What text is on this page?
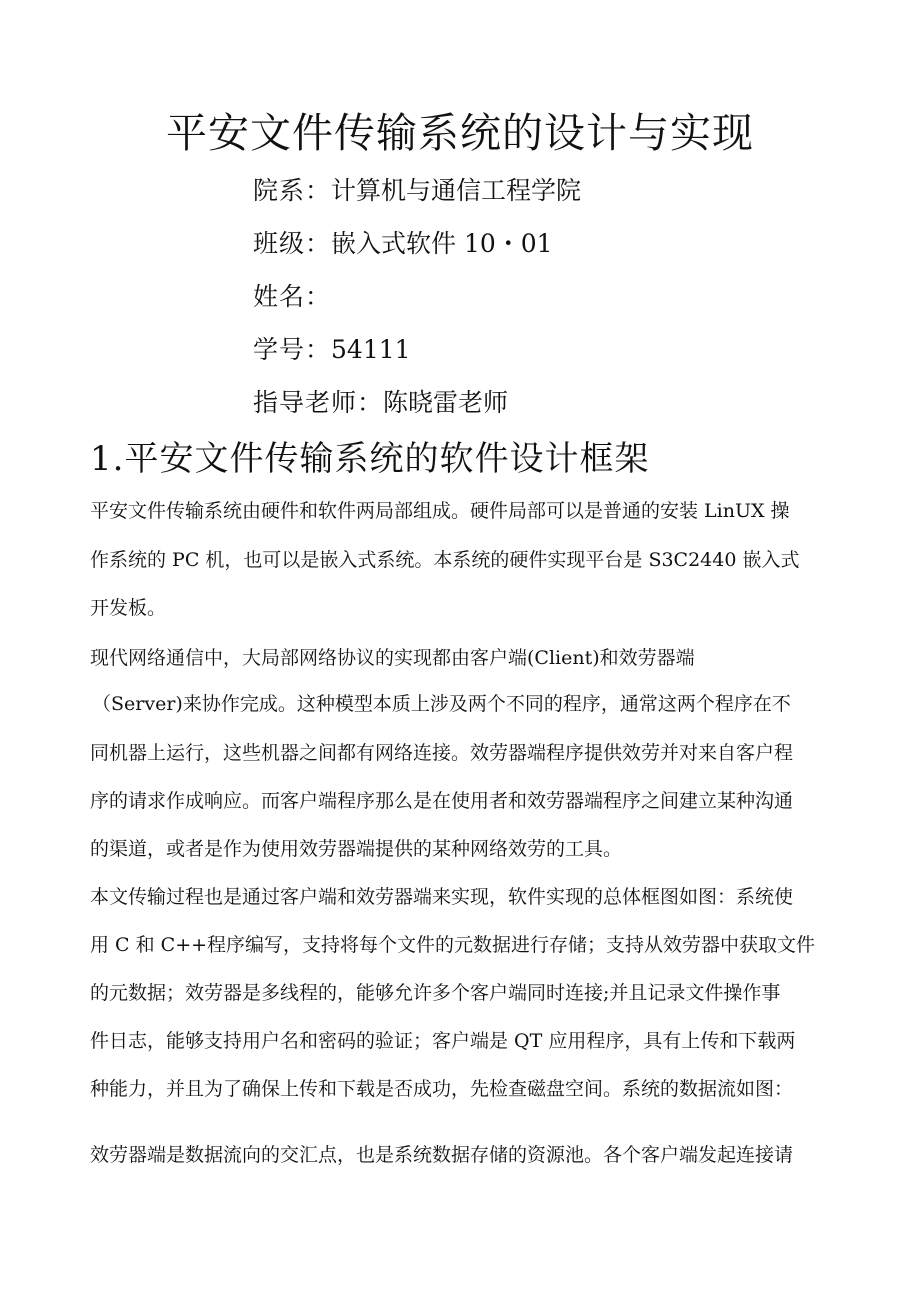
平安文件传输系统的设计与实现

院系：计算机与通信工程学院

班级：嵌入式软件 10・01

姓名：

学号：54111

指导老师：陈晓雷老师

1.平安文件传输系统的软件设计框架

平安文件传输系统由硬件和软件两局部组成。硬件局部可以是普通的安装 LinUX 操

作系统的 PC 机，也可以是嵌入式系统。本系统的硬件实现平台是 S3C2440 嵌入式

开发板。

现代网络通信中，大局部网络协议的实现都由客户端(Client)和效劳器端

（Server)来协作完成。这种模型本质上涉及两个不同的程序，通常这两个程序在不

同机器上运行，这些机器之间都有网络连接。效劳器端程序提供效劳并对来自客户程

序的请求作成响应。而客户端程序那么是在使用者和效劳器端程序之间建立某种沟通

的渠道，或者是作为使用效劳器端提供的某种网络效劳的工具。

本文传输过程也是通过客户端和效劳器端来实现，软件实现的总体框图如图：系统使

用 C 和 C++程序编写，支持将每个文件的元数据进行存储；支持从效劳器中获取文件

的元数据；效劳器是多线程的，能够允许多个客户端同时连接;并且记录文件操作事

件日志，能够支持用户名和密码的验证；客户端是 QT 应用程序，具有上传和下载两

种能力，并且为了确保上传和下载是否成功，先检查磁盘空间。系统的数据流如图：

效劳器端是数据流向的交汇点，也是系统数据存储的资源池。各个客户端发起连接请
